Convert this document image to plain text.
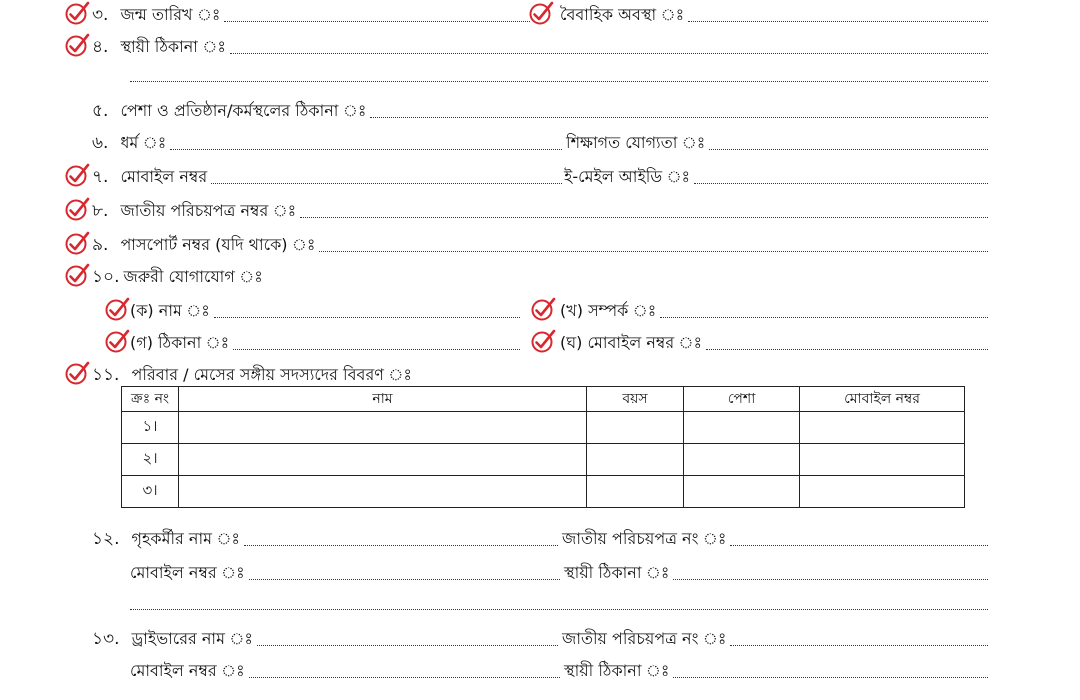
৩. জন্ম তারিখ ঃ	বৈবাহিক অবস্থা ঃ
৪. স্থায়ী ঠিকানা ঃ
৫. পেশা ও প্রতিষ্ঠান/কর্মস্থলের ঠিকানা ঃ
৬. ধর্ম ঃ	শিক্ষাগত যোগ্যতা ঃ
৭. মোবাইল নম্বর	ই-মেইল আইডি ঃ
৮. জাতীয় পরিচয়পত্র নম্বর ঃ
৯. পাসপোর্ট নম্বর (যদি থাকে) ঃ
১০. জরুরী যোগাযোগ ঃ
(ক) নাম ঃ	(খ) সম্পর্ক ঃ
(গ) ঠিকানা ঃ	(ঘ) মোবাইল নম্বর ঃ
১১. পরিবার / মেসের সঙ্গীয় সদস্যদের বিবরণ ঃ
ক্রঃ নং	নাম	বয়স	পেশা	মোবাইল নম্বর
১।				
২।				
৩।				
১২. গৃহকর্মীর নাম ঃ	জাতীয় পরিচয়পত্র নং ঃ
মোবাইল নম্বর ঃ	স্থায়ী ঠিকানা ঃ
১৩. ড্রাইভারের নাম ঃ	জাতীয় পরিচয়পত্র নং ঃ
মোবাইল নম্বর ঃ	স্থায়ী ঠিকানা ঃ
